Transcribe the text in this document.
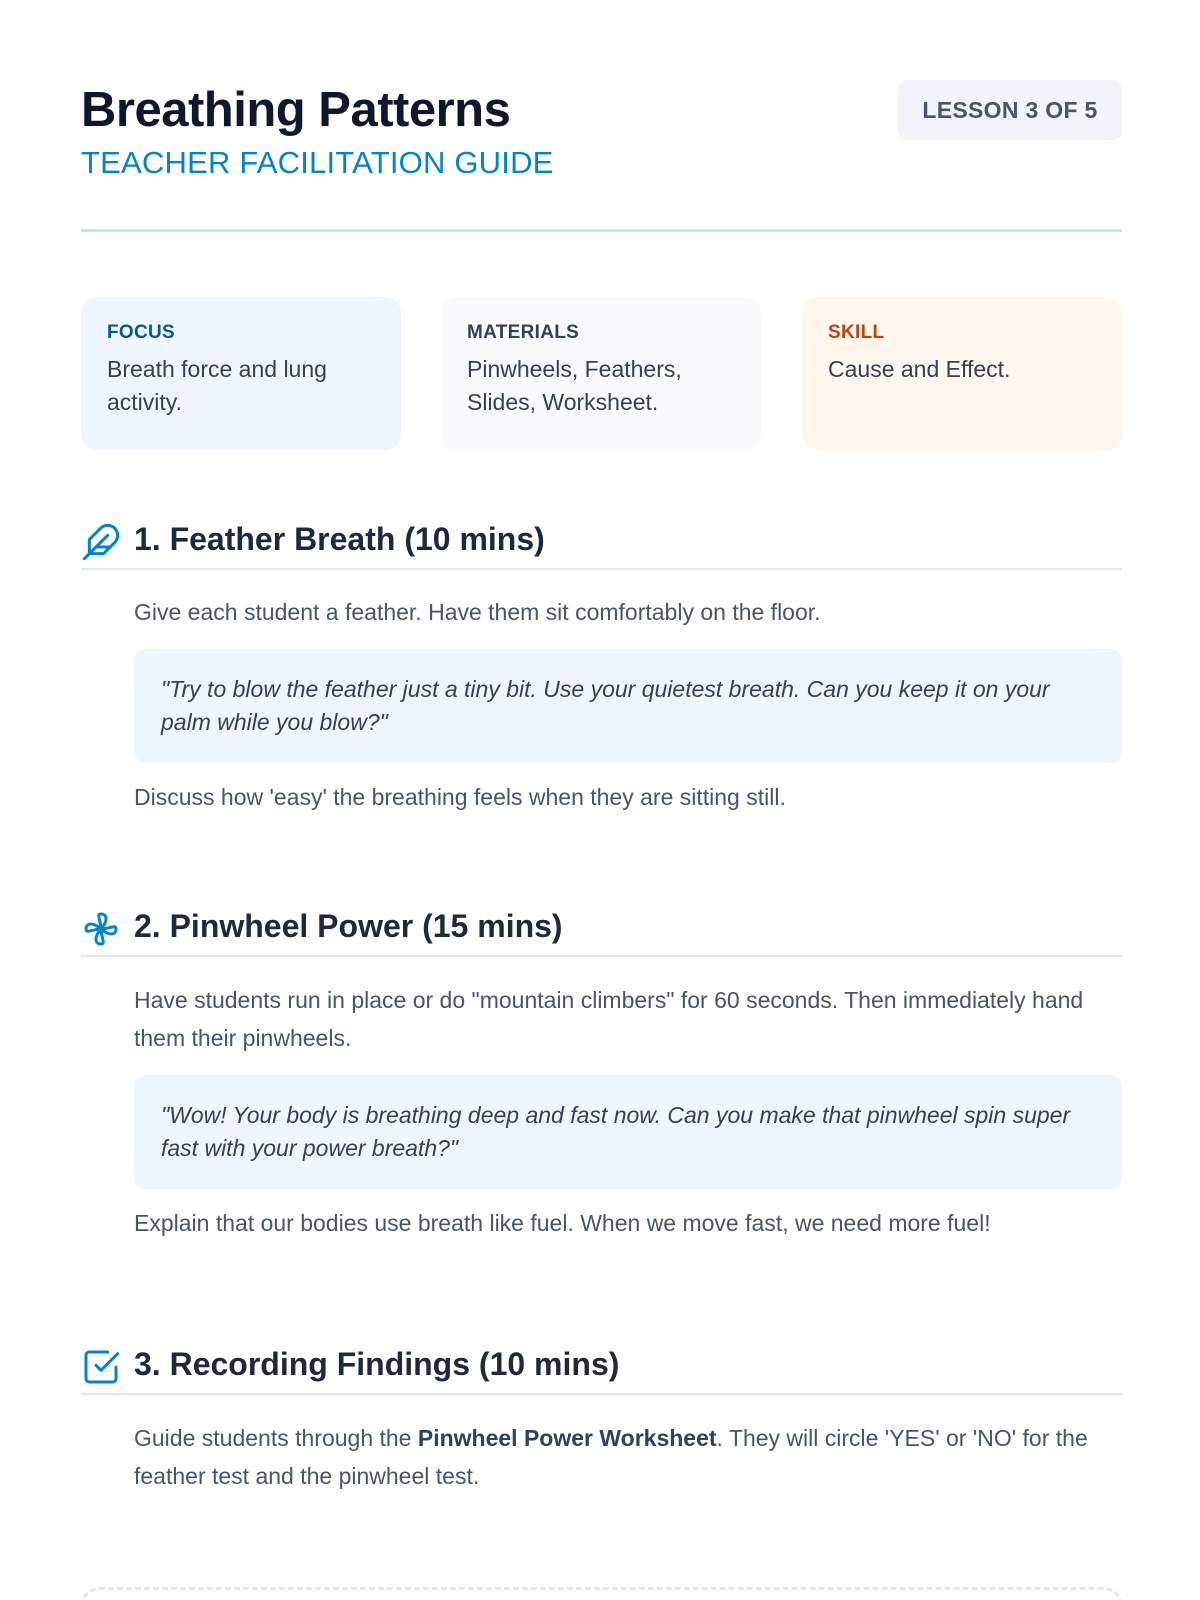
Breathing Patterns
TEACHER FACILITATION GUIDE
LESSON 3 OF 5
FOCUS
Breath force and lung activity.
MATERIALS
Pinwheels, Feathers, Slides, Worksheet.
SKILL
Cause and Effect.
1. Feather Breath (10 mins)

Give each student a feather. Have them sit comfortably on the floor.

"Try to blow the feather just a tiny bit. Use your quietest breath. Can you keep it on your palm while you blow?"

Discuss how 'easy' the breathing feels when they are sitting still.

2. Pinwheel Power (15 mins)

Have students run in place or do "mountain climbers" for 60 seconds. Then immediately hand them their pinwheels.

"Wow! Your body is breathing deep and fast now. Can you make that pinwheel spin super fast with your power breath?"

Explain that our bodies use breath like fuel. When we move fast, we need more fuel!

3. Recording Findings (10 mins)

Guide students through the Pinwheel Power Worksheet. They will circle 'YES' or 'NO' for the feather test and the pinwheel test.
